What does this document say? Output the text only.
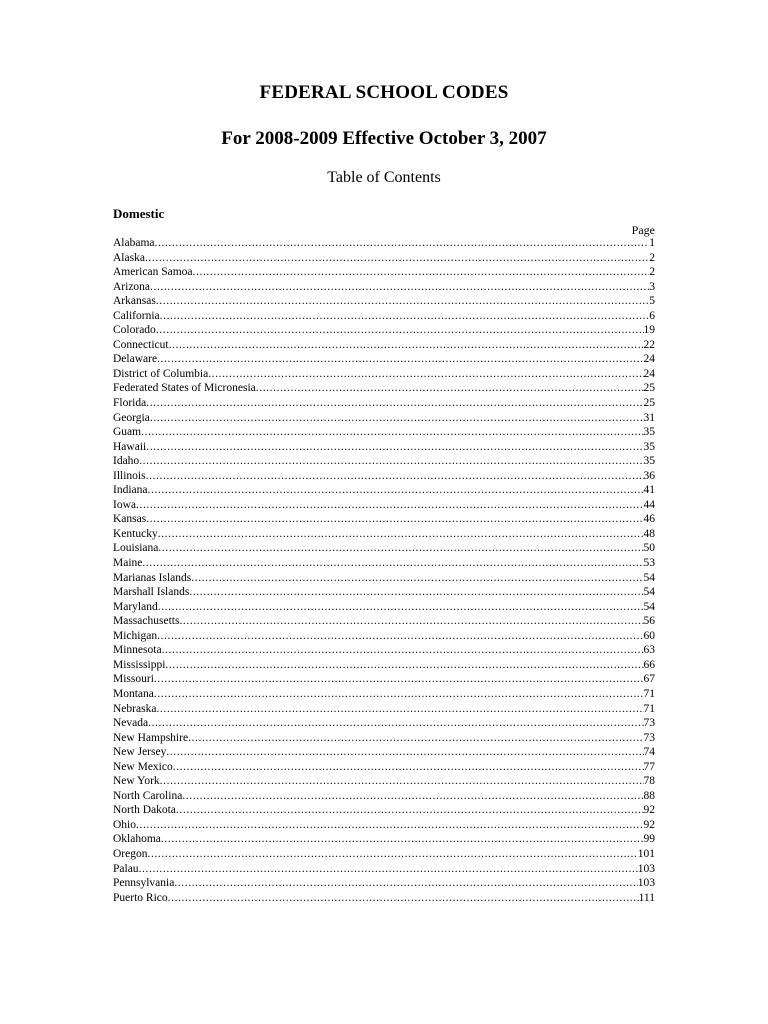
FEDERAL SCHOOL CODES
For 2008-2009 Effective October 3, 2007
Table of Contents
Domestic
Page
Alabama .....	1
Alaska .....	2
American Samoa .....	2
Arizona .....	3
Arkansas .....	5
California .....	6
Colorado .....	19
Connecticut .....	22
Delaware .....	24
District of Columbia .....	24
Federated States of Micronesia .....	25
Florida .....	25
Georgia .....	31
Guam .....	35
Hawaii .....	35
Idaho .....	35
Illinois .....	36
Indiana .....	41
Iowa .....	44
Kansas .....	46
Kentucky .....	48
Louisiana .....	50
Maine .....	53
Marianas Islands .....	54
Marshall Islands .....	54
Maryland .....	54
Massachusetts .....	56
Michigan .....	60
Minnesota .....	63
Mississippi .....	66
Missouri .....	67
Montana .....	71
Nebraska .....	71
Nevada .....	73
New Hampshire .....	73
New Jersey .....	74
New Mexico .....	77
New York .....	78
North Carolina .....	88
North Dakota .....	92
Ohio .....	92
Oklahoma .....	99
Oregon .....	101
Palau .....	103
Pennsylvania .....	103
Puerto Rico .....	111
